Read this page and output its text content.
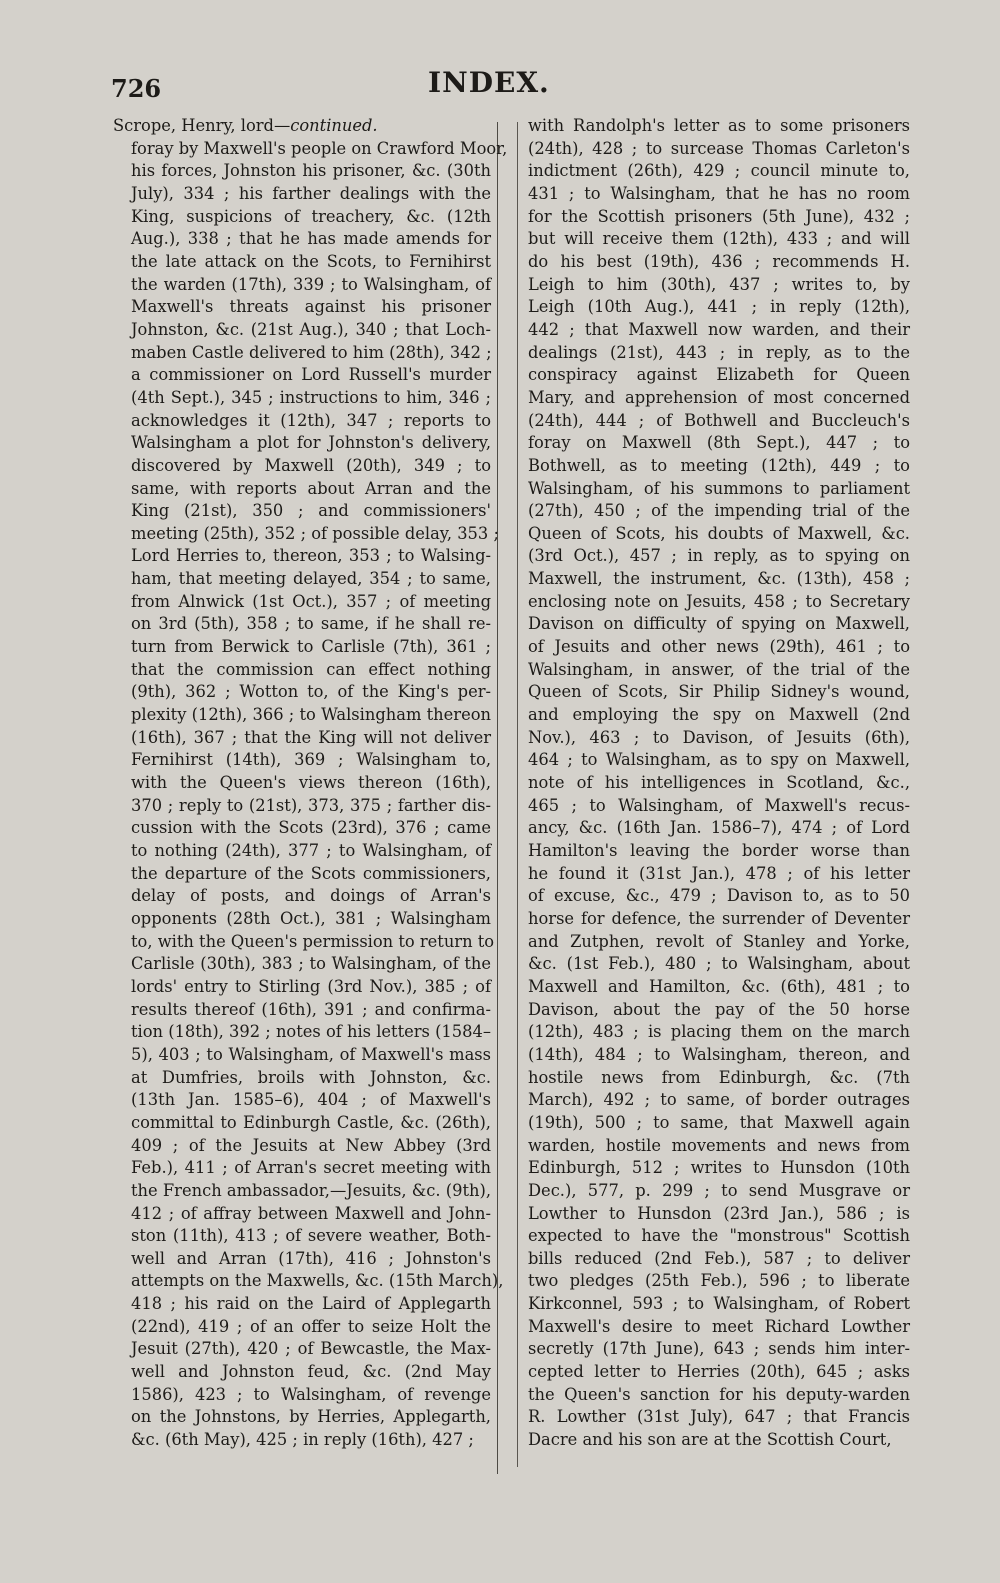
726	INDEX.
Scrope, Henry, lord—continued.
foray by Maxwell's people on Crawford Moor,
his forces, Johnston his prisoner, &c. (30th
July), 334 ; his farther dealings with the
King, suspicions of treachery, &c. (12th
Aug.), 338 ; that he has made amends for
the late attack on the Scots, to Fernihirst
the warden (17th), 339 ; to Walsingham, of
Maxwell's threats against his prisoner
Johnston, &c. (21st Aug.), 340 ; that Loch-
maben Castle delivered to him (28th), 342 ;
a commissioner on Lord Russell's murder
(4th Sept.), 345 ; instructions to him, 346 ;
acknowledges it (12th), 347 ; reports to
Walsingham a plot for Johnston's delivery,
discovered by Maxwell (20th), 349 ; to
same, with reports about Arran and the
King (21st), 350 ; and commissioners'
meeting (25th), 352 ; of possible delay, 353 ;
Lord Herries to, thereon, 353 ; to Walsing-
ham, that meeting delayed, 354 ; to same,
from Alnwick (1st Oct.), 357 ; of meeting
on 3rd (5th), 358 ; to same, if he shall re-
turn from Berwick to Carlisle (7th), 361 ;
that the commission can effect nothing
(9th), 362 ; Wotton to, of the King's per-
plexity (12th), 366 ; to Walsingham thereon
(16th), 367 ; that the King will not deliver
Fernihirst (14th), 369 ; Walsingham to,
with the Queen's views thereon (16th),
370 ; reply to (21st), 373, 375 ; farther dis-
cussion with the Scots (23rd), 376 ; came
to nothing (24th), 377 ; to Walsingham, of
the departure of the Scots commissioners,
delay of posts, and doings of Arran's
opponents (28th Oct.), 381 ; Walsingham
to, with the Queen's permission to return to
Carlisle (30th), 383 ; to Walsingham, of the
lords' entry to Stirling (3rd Nov.), 385 ; of
results thereof (16th), 391 ; and confirma-
tion (18th), 392 ; notes of his letters (1584–
5), 403 ; to Walsingham, of Maxwell's mass
at Dumfries, broils with Johnston, &c.
(13th Jan. 1585–6), 404 ; of Maxwell's
committal to Edinburgh Castle, &c. (26th),
409 ; of the Jesuits at New Abbey (3rd
Feb.), 411 ; of Arran's secret meeting with
the French ambassador,—Jesuits, &c. (9th),
412 ; of affray between Maxwell and John-
ston (11th), 413 ; of severe weather, Both-
well and Arran (17th), 416 ; Johnston's
attempts on the Maxwells, &c. (15th March),
418 ; his raid on the Laird of Applegarth
(22nd), 419 ; of an offer to seize Holt the
Jesuit (27th), 420 ; of Bewcastle, the Max-
well and Johnston feud, &c. (2nd May
1586), 423 ; to Walsingham, of revenge
on the Johnstons, by Herries, Applegarth,
&c. (6th May), 425 ; in reply (16th), 427 ;
with Randolph's letter as to some prisoners
(24th), 428 ; to surcease Thomas Carleton's
indictment (26th), 429 ; council minute to,
431 ; to Walsingham, that he has no room
for the Scottish prisoners (5th June), 432 ;
but will receive them (12th), 433 ; and will
do his best (19th), 436 ; recommends H.
Leigh to him (30th), 437 ; writes to, by
Leigh (10th Aug.), 441 ; in reply (12th),
442 ; that Maxwell now warden, and their
dealings (21st), 443 ; in reply, as to the
conspiracy against Elizabeth for Queen
Mary, and apprehension of most concerned
(24th), 444 ; of Bothwell and Buccleuch's
foray on Maxwell (8th Sept.), 447 ; to
Bothwell, as to meeting (12th), 449 ; to
Walsingham, of his summons to parliament
(27th), 450 ; of the impending trial of the
Queen of Scots, his doubts of Maxwell, &c.
(3rd Oct.), 457 ; in reply, as to spying on
Maxwell, the instrument, &c. (13th), 458 ;
enclosing note on Jesuits, 458 ; to Secretary
Davison on difficulty of spying on Maxwell,
of Jesuits and other news (29th), 461 ; to
Walsingham, in answer, of the trial of the
Queen of Scots, Sir Philip Sidney's wound,
and employing the spy on Maxwell (2nd
Nov.), 463 ; to Davison, of Jesuits (6th),
464 ; to Walsingham, as to spy on Maxwell,
note of his intelligences in Scotland, &c.,
465 ; to Walsingham, of Maxwell's recus-
ancy, &c. (16th Jan. 1586–7), 474 ; of Lord
Hamilton's leaving the border worse than
he found it (31st Jan.), 478 ; of his letter
of excuse, &c., 479 ; Davison to, as to 50
horse for defence, the surrender of Deventer
and Zutphen, revolt of Stanley and Yorke,
&c. (1st Feb.), 480 ; to Walsingham, about
Maxwell and Hamilton, &c. (6th), 481 ; to
Davison, about the pay of the 50 horse
(12th), 483 ; is placing them on the march
(14th), 484 ; to Walsingham, thereon, and
hostile news from Edinburgh, &c. (7th
March), 492 ; to same, of border outrages
(19th), 500 ; to same, that Maxwell again
warden, hostile movements and news from
Edinburgh, 512 ; writes to Hunsdon (10th
Dec.), 577, p. 299 ; to send Musgrave or
Lowther to Hunsdon (23rd Jan.), 586 ; is
expected to have the "monstrous" Scottish
bills reduced (2nd Feb.), 587 ; to deliver
two pledges (25th Feb.), 596 ; to liberate
Kirkconnel, 593 ; to Walsingham, of Robert
Maxwell's desire to meet Richard Lowther
secretly (17th June), 643 ; sends him inter-
cepted letter to Herries (20th), 645 ; asks
the Queen's sanction for his deputy-warden
R. Lowther (31st July), 647 ; that Francis
Dacre and his son are at the Scottish Court,
